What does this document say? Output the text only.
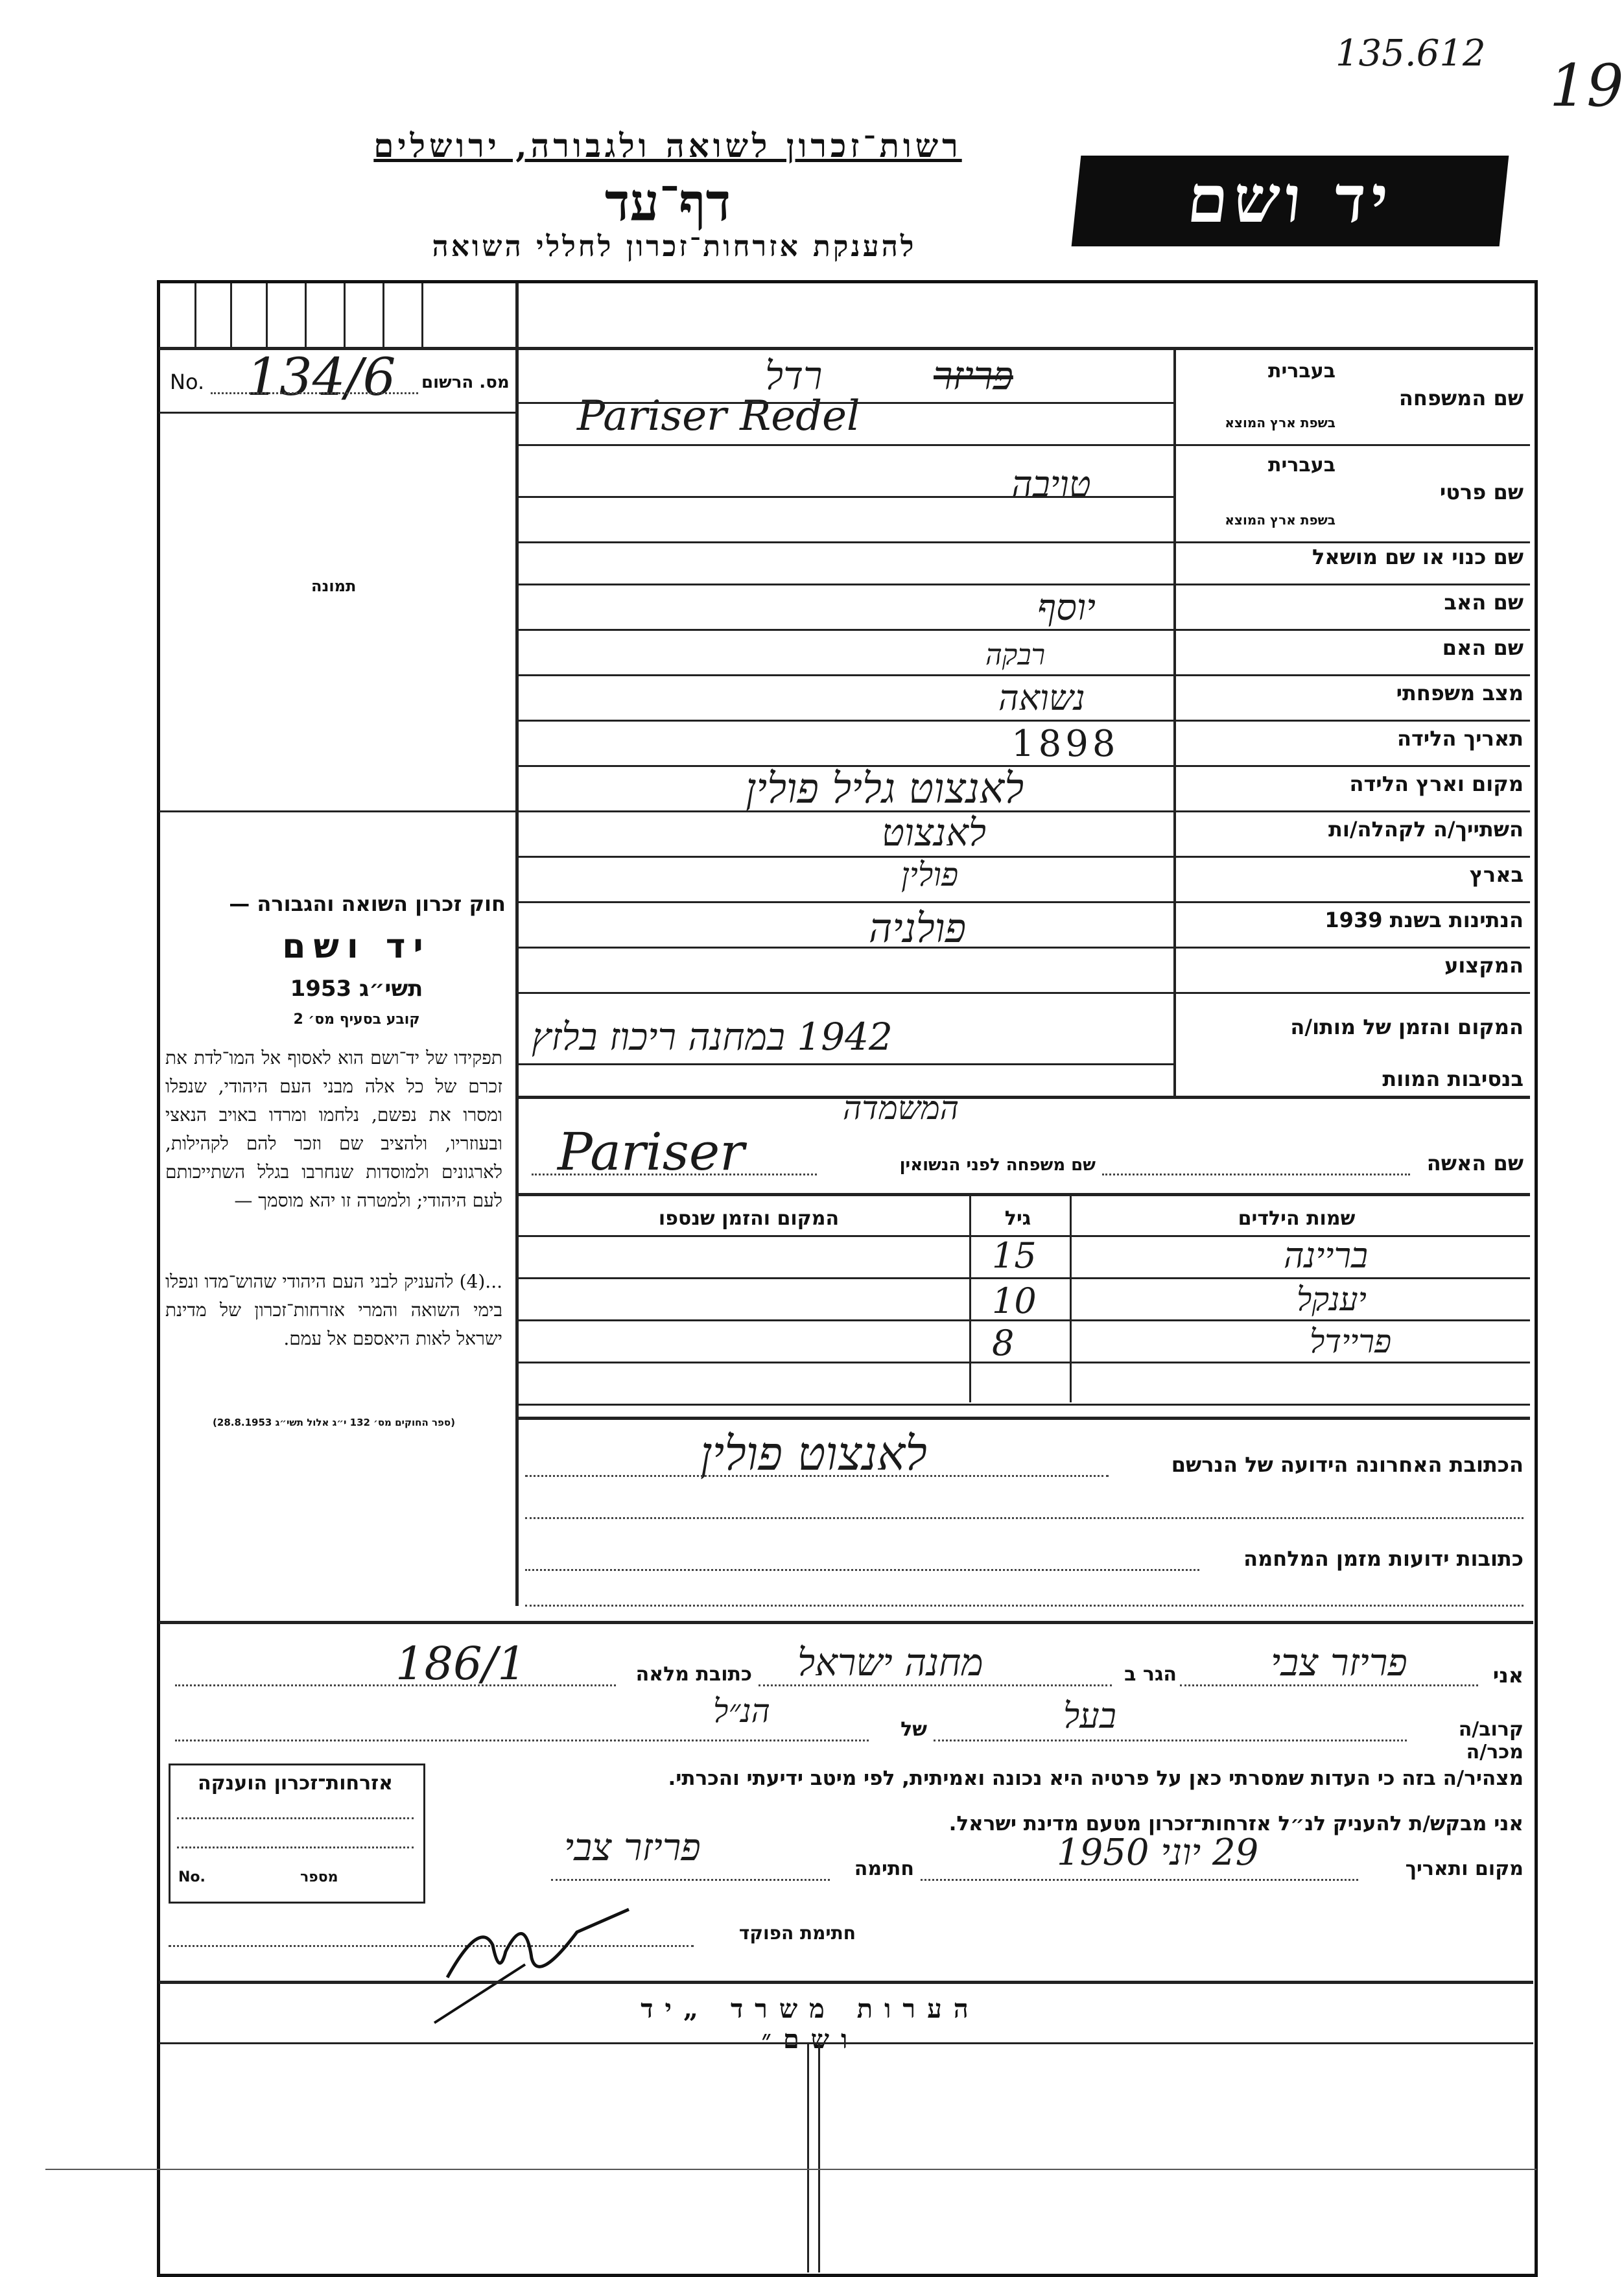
135.612 19
רשות־זכרון לשואה ולגבורה, ירושלים
דף־עד
להענקת אזרחות־זכרון לחללי השואה
יד ושם
No. 134/6 מס. הרשום
תמונה
חוק זכרון השואה והגבורה —
יד ושם
תשי״ג 1953
קובע בסעיף מס׳ 2
תפקידו של יד־ושם הוא לאסוף אל המו־לדת את זכרם של כל אלה מבני העם היהודי, שנפלו ומסרו את נפשם, נלחמו ומרדו באויב הנאצי ובעוזריו, ולהציב שם וזכר להם לקהילות, לארגונים ולמוסדות שנחרבו בגלל השתייכותם לעם היהודי; ולמטרה זו יהא מוסמך —
...(4) להעניק לבני העם היהודי שהוש־מדו ונפלו בימי השואה והמרי אזרחות־זכרון של מדינת ישראל לאות היאספם אל עמם.
(ספר החוקים מס׳ 132 י״ג אלול תשי״ג 28.8.1953)
בעברית
שם המשפחה
בשפת ארץ המוצא
רדל	פריזר
Pariser Redel
בעברית
שם פרטי
בשפת ארץ המוצא
טויבה
שם כנוי או שם מושאל
שם האב
יוסף
שם האם
רבקה
מצב משפחתי
נשואה
תאריך הלידה
1898
מקום וארץ הלידה
לאנצוט גליל פולין
השתייך/ה לקהלה/ות
לאנצוט
בארץ
פולין
הנתינות בשנת 1939
פולניה
המקצוע
המקום והזמן של מותו/ה
1942 במחנה ריכוז בלזץ
בנסיבות המוות
המשמדה
שם האשה
שם משפחה לפני הנשואין
Pariser
שמות הילדים
גיל
המקום והזמן שנספו
בריינה
15
יענקל
10
פריידל
8
הכתובת האחרונה הידועה של הנרשם
לאנצוט פולין
כתובות ידועות מזמן המלחמה
אני
פריזר צבי
הגר ב
מחנה ישראל
כתובת מלאה
186/1
קרוב/ה מכר/ה
בעל
של
הנ״ל
מצהיר/ה בזה כי העדות שמסרתי כאן על פרטיה היא נכונה ואמיתית, לפי מיטב ידיעתי והכרתי.
אני מבקש/ת להעניק לנ״ל אזרחות־זכרון מטעם מדינת ישראל.
מקום ותאריך
29 יוני 1950
חתימה
פריזר צבי
אזרחות־זכרון הוענקה
No.	מספר
חתימת הפוקד
הערות משרד „יד ושם״
